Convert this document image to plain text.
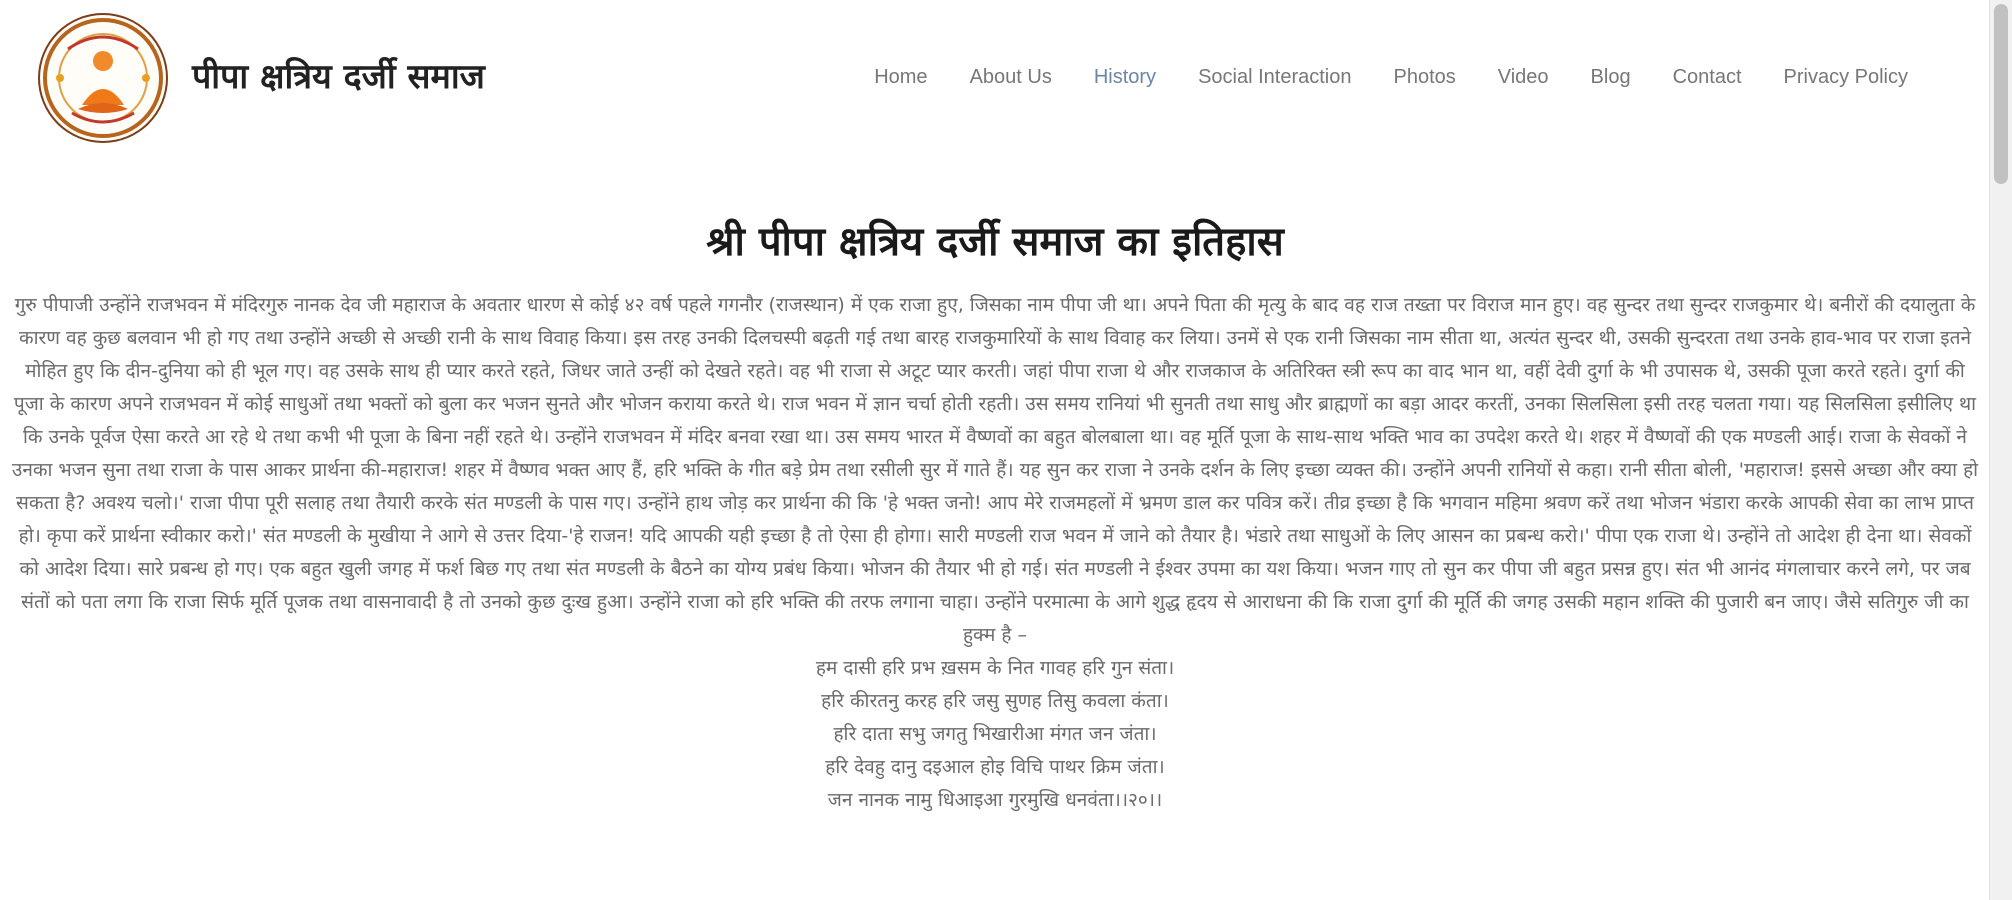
पीपा क्षत्रिय दर्जी समाज	Home About Us History Social Interaction Photos Video Blog Contact Privacy Policy
श्री पीपा क्षत्रिय दर्जी समाज का इतिहास

गुरु पीपाजी उन्होंने राजभवन में मंदिरगुरु नानक देव जी महाराज के अवतार धारण से कोई ४२ वर्ष पहले गगनौर (राजस्थान) में एक राजा हुए, जिसका नाम पीपा जी था। अपने पिता की मृत्यु के बाद वह राज तख्ता पर विराज मान हुए। वह सुन्दर तथा सुन्दर राजकुमार थे। बनीरों की दयालुता के कारण वह कुछ बलवान भी हो गए तथा उन्होंने अच्छी से अच्छी रानी के साथ विवाह किया। इस तरह उनकी दिलचस्पी बढ़ती गई तथा बारह राजकुमारियों के साथ विवाह कर लिया। उनमें से एक रानी जिसका नाम सीता था, अत्यंत सुन्दर थी, उसकी सुन्दरता तथा उनके हाव-भाव पर राजा इतने मोहित हुए कि दीन-दुनिया को ही भूल गए। वह उसके साथ ही प्यार करते रहते, जिधर जाते उन्हीं को देखते रहते। वह भी राजा से अटूट प्यार करती। जहां पीपा राजा थे और राजकाज के अतिरिक्त स्त्री रूप का वाद भान था, वहीं देवी दुर्गा के भी उपासक थे, उसकी पूजा करते रहते। दुर्गा की पूजा के कारण अपने राजभवन में कोई साधुओं तथा भक्तों को बुला कर भजन सुनते और भोजन कराया करते थे। राज भवन में ज्ञान चर्चा होती रहती। उस समय रानियां भी सुनती तथा साधु और ब्राह्मणों का बड़ा आदर करतीं, उनका सिलसिला इसी तरह चलता गया। यह सिलसिला इसीलिए था कि उनके पूर्वज ऐसा करते आ रहे थे तथा कभी भी पूजा के बिना नहीं रहते थे। उन्होंने राजभवन में मंदिर बनवा रखा था। उस समय भारत में वैष्णवों का बहुत बोलबाला था। वह मूर्ति पूजा के साथ-साथ भक्ति भाव का उपदेश करते थे। शहर में वैष्णवों की एक मण्डली आई। राजा के सेवकों ने उनका भजन सुना तथा राजा के पास आकर प्रार्थना की-महाराज! शहर में वैष्णव भक्त आए हैं, हरि भक्ति के गीत बड़े प्रेम तथा रसीली सुर में गाते हैं। यह सुन कर राजा ने उनके दर्शन के लिए इच्छा व्यक्त की। उन्होंने अपनी रानियों से कहा। रानी सीता बोली, 'महाराज! इससे अच्छा और क्या हो सकता है? अवश्य चलो।' राजा पीपा पूरी सलाह तथा तैयारी करके संत मण्डली के पास गए। उन्होंने हाथ जोड़ कर प्रार्थना की कि 'हे भक्त जनो! आप मेरे राजमहलों में भ्रमण डाल कर पवित्र करें। तीव्र इच्छा है कि भगवान महिमा श्रवण करें तथा भोजन भंडारा करके आपकी सेवा का लाभ प्राप्त हो। कृपा करें प्रार्थना स्वीकार करो।' संत मण्डली के मुखीया ने आगे से उत्तर दिया-'हे राजन! यदि आपकी यही इच्छा है तो ऐसा ही होगा। सारी मण्डली राज भवन में जाने को तैयार है। भंडारे तथा साधुओं के लिए आसन का प्रबन्ध करो।' पीपा एक राजा थे। उन्होंने तो आदेश ही देना था। सेवकों को आदेश दिया। सारे प्रबन्ध हो गए। एक बहुत खुली जगह में फर्श बिछ गए तथा संत मण्डली के बैठने का योग्य प्रबंध किया। भोजन की तैयार भी हो गई। संत मण्डली ने ईश्वर उपमा का यश किया। भजन गाए तो सुन कर पीपा जी बहुत प्रसन्न हुए। संत भी आनंद मंगलाचार करने लगे, पर जब संतों को पता लगा कि राजा सिर्फ मूर्ति पूजक तथा वासनावादी है तो उनको कुछ दुःख हुआ। उन्होंने राजा को हरि भक्ति की तरफ लगाना चाहा। उन्होंने परमात्मा के आगे शुद्ध हृदय से आराधना की कि राजा दुर्गा की मूर्ति की जगह उसकी महान शक्ति की पुजारी बन जाए। जैसे सतिगुरु जी का हुक्म है –

हम दासी हरि प्रभ ख़सम के नित गावह हरि गुन संता।

हरि कीरतनु करह हरि जसु सुणह तिसु कवला कंता।

हरि दाता सभु जगतु भिखारीआ मंगत जन जंता।

हरि देवहु दानु दइआल होइ विचि पाथर क्रिम जंता।

जन नानक नामु धिआइआ गुरमुखि धनवंता।।२०।।
